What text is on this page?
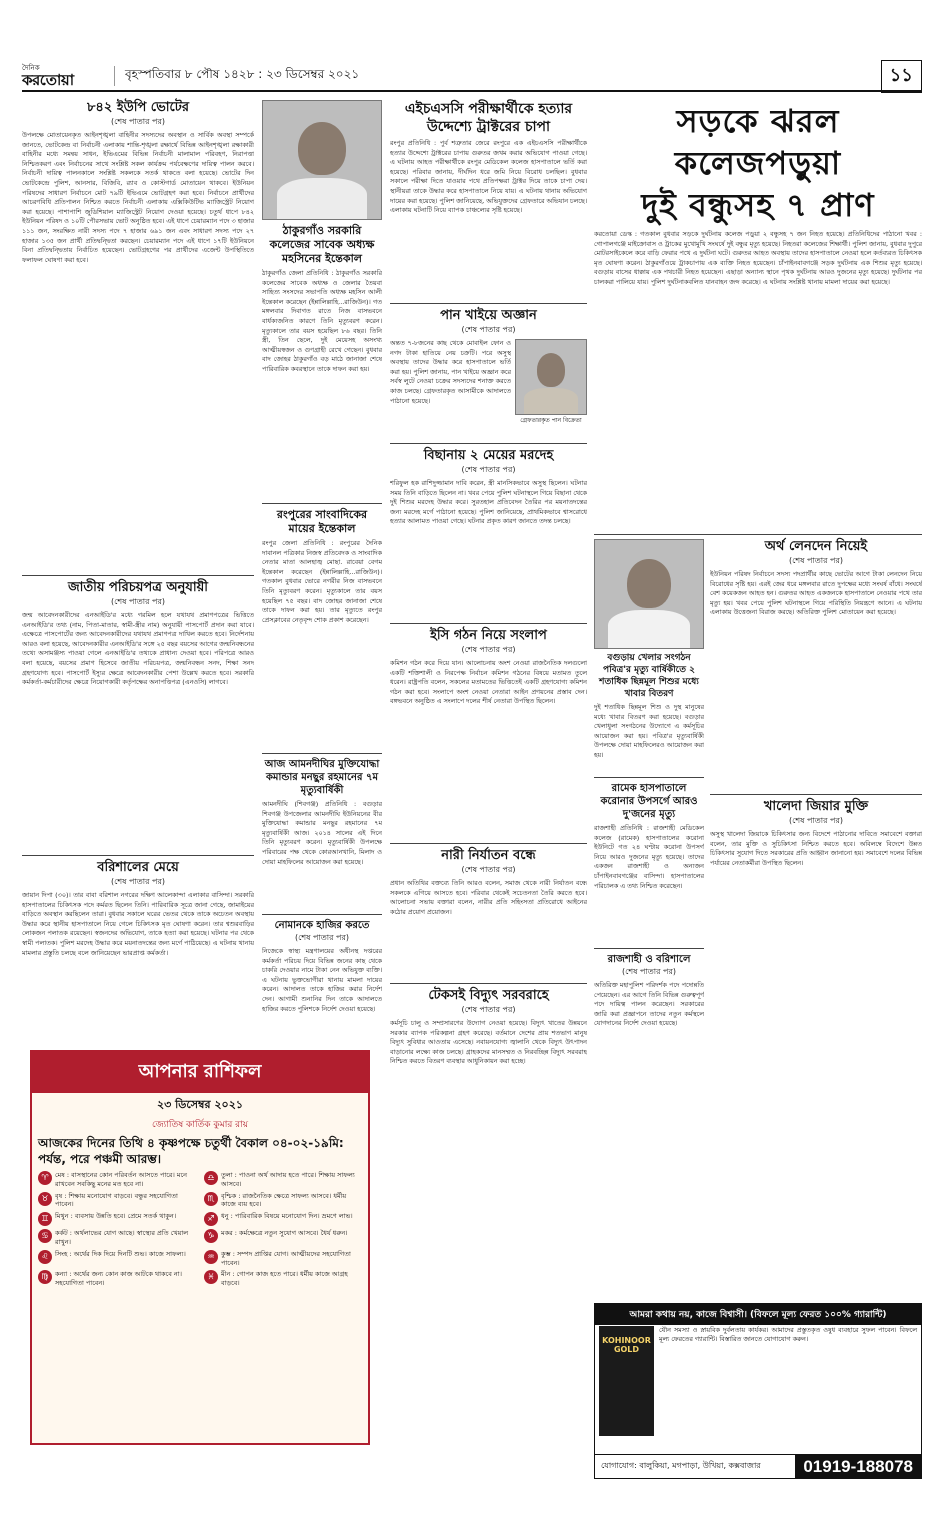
দৈনিক
করতোয়া	বৃহস্পতিবার ৮ পৌষ ১৪২৮ : ২৩ ডিসেম্বর ২০২১	১১
৮৪২ ইউপি ভোটের
(শেষ পাতার পর)
উপলক্ষে মোতায়েনকৃত আইনশৃঙ্খলা বাহিনীর সদস্যদের অবস্থান ও সার্বিক অবস্থা সম্পর্কে জানতে, ভোটকেন্দ্র বা নির্বাচনী এলাকায় শান্তি-শৃঙ্খলা রক্ষার্থে বিভিন্ন আইনশৃঙ্খলা রক্ষাকারী বাহিনীর মধ্যে সমন্বয় সাধন, ইভিএমের বিভিন্ন নির্বাচনী মালামাল পরিবহণ, নিরাপত্তা নিশ্চিতকরণ এবং নির্বাচনের সাথে সংশ্লিষ্ট সকল কার্যক্রম পর্যবেক্ষণের দায়িত্ব পালন করবে। নির্বাচনী দায়িত্ব পালনকালে সংশ্লিষ্ট সকলকে সতর্ক থাকতে বলা হয়েছে। ভোটের দিন ভোটকেন্দ্রে পুলিশ, আনসার, বিজিবি, র‍্যাব ও কোস্টগার্ড মোতায়েন থাকবে। ইউনিয়ন পরিষদের সাধারণ নির্বাচনে মোট ৭৯টি ইভিএমে ভোটগ্রহণ করা হবে। নির্বাচনে প্রার্থীদের আচরণবিধি প্রতিপালন নিশ্চিত করতে নির্বাচনী এলাকায় এক্সিকিউটিভ ম্যাজিস্ট্রেট নিয়োগ করা হয়েছে। পাশাপাশি জুডিশিয়াল ম্যাজিস্ট্রেট নিয়োগ দেওয়া হয়েছে। চতুর্থ ধাপে ৮৪২ ইউনিয়ন পরিষদ ও ১০টি পৌরসভায় ভোট অনুষ্ঠিত হবে। এই ধাপে চেয়ারম্যান পদে ৩ হাজার ১১১ জন, সংরক্ষিত নারী সদস্য পদে ৭ হাজার ৬৯১ জন এবং সাধারণ সদস্য পদে ২৭ হাজার ১৩৫ জন প্রার্থী প্রতিদ্বন্দ্বিতা করছেন। চেয়ারম্যান পদে এই ধাপে ১৭টি ইউনিয়নে বিনা প্রতিদ্বন্দ্বিতায় নির্বাচিত হয়েছেন। ভোটগ্রহণের পর প্রার্থীদের এজেন্ট উপস্থিতিতে ফলাফল ঘোষণা করা হবে।
জাতীয় পরিচয়পত্র অনুযায়ী
(শেষ পাতার পর)
জন্ম আবেদনকারীদের এনআইডি'র মধ্যে গরমিল হলে যথাযথ প্রমাণপত্রের ভিত্তিতে এনআইডি'র তথ্য (নাম, পিতা-মাতার, স্বামী-স্ত্রীর নাম) অনুযায়ী পাসপোর্ট প্রদান করা যাবে। এক্ষেত্রে পাসপোর্টের জন্য আবেদনকারীদের যথাযথ প্রমাণপত্র দাখিল করতে হবে। নির্দেশনায় আরও বলা হয়েছে, আবেদনকারীর এনআইডি'র সঙ্গে ২৫ বছর বয়সের আগের জন্মনিবন্ধনের তথ্যে অসামঞ্জস্য পাওয়া গেলে এনআইডি'র তথ্যকে প্রাধান্য দেওয়া হবে। পরিপত্রে আরও বলা হয়েছে, বয়সের প্রমাণ হিসেবে জাতীয় পরিচয়পত্র, জন্মনিবন্ধন সনদ, শিক্ষা সনদ গ্রহণযোগ্য হবে। পাসপোর্ট ইস্যুর ক্ষেত্রে আবেদনকারীর পেশা উল্লেখ করতে হবে। সরকারি কর্মকর্তা-কর্মচারীদের ক্ষেত্রে নিয়োগকারী কর্তৃপক্ষের অনাপত্তিপত্র (এনওসি) লাগবে।
বরিশালের মেয়ে
(শেষ পাতার পর)
জায়ান দিপা (৩০)। তার বাবা বরিশাল নগরের দক্ষিণ আলেকান্দা এলাকার বাসিন্দা। সরকারি হাসপাতালের চিকিৎসক পদে কর্মরত ছিলেন তিনি। পারিবারিক সূত্রে জানা গেছে, জামাইয়ের বাড়িতে অবস্থান করছিলেন তারা। বুধবার সকালে ঘরের ভেতর থেকে তাকে অচেতন অবস্থায় উদ্ধার করে স্থানীয় হাসপাতালে নিয়ে গেলে চিকিৎসক মৃত ঘোষণা করেন। তার শ্বশুরবাড়ির লোকজন পলাতক রয়েছেন। স্বজনদের অভিযোগ, তাকে হত্যা করা হয়েছে। ঘটনার পর থেকে স্বামী পলাতক। পুলিশ মরদেহ উদ্ধার করে ময়নাতদন্তের জন্য মর্গে পাঠিয়েছে। এ ঘটনায় থানায় মামলার প্রস্তুতি চলছে বলে জানিয়েছেন ভারপ্রাপ্ত কর্মকর্তা।
ঠাকুরগাঁও সরকারি কলেজের সাবেক অধ্যক্ষ মহসিনের ইন্তেকাল
ঠাকুরগাঁও জেলা প্রতিনিধি : ঠাকুরগাঁও সরকারি কলেজের সাবেক অধ্যক্ষ ও জেলার তৈয়বা সাহিত্য সংসদের সভাপতি অধ্যক্ষ মহসিন আলী ইন্তেকাল করেছেন (ইন্নালিল্লাহি...রাজিউন)। গত মঙ্গলবার দিবাগত রাতে নিজ বাসভবনে বার্ধক্যজনিত কারণে তিনি মৃত্যুবরণ করেন। মৃত্যুকালে তার বয়স হয়েছিল ৮৬ বছর। তিনি স্ত্রী, তিন ছেলে, দুই মেয়েসহ অসংখ্য আত্মীয়স্বজন ও গুণগ্রাহী রেখে গেছেন। বুধবার বাদ জোহর ঠাকুরগাঁও বড় মাঠে জানাজা শেষে পারিবারিক কবরস্থানে তাকে দাফন করা হয়।
রংপুরের সাংবাদিকের মায়ের ইন্তেকাল
রংপুর জেলা প্রতিনিধি : রংপুরের দৈনিক দাবানল পত্রিকার নিজস্ব প্রতিবেদক ও সাংবাদিক নেতার মাতা আলহাজ্ব মোছা. রাবেয়া বেগম ইন্তেকাল করেছেন (ইন্নালিল্লাহি...রাজিউন)। গতকাল বুধবার ভোরে নগরীর নিজ বাসভবনে তিনি মৃত্যুবরণ করেন। মৃত্যুকালে তার বয়স হয়েছিল ৭৫ বছর। বাদ জোহর জানাজা শেষে তাকে দাফন করা হয়। তার মৃত্যুতে রংপুর প্রেসক্লাবের নেতৃবৃন্দ শোক প্রকাশ করেছেন।
আজ আমনদীঘির মুক্তিযোদ্ধা কমান্ডার মনছুর রহমানের ৭ম মৃত্যুবার্ষিকী
আমনদীঘি (শিবগঞ্জ) প্রতিনিধি : বগুড়ার শিবগঞ্জ উপজেলার আমনদীঘি ইউনিয়নের বীর মুক্তিযোদ্ধা কমান্ডার মনছুর রহমানের ৭ম মৃত্যুবার্ষিকী আজ। ২০১৪ সালের এই দিনে তিনি মৃত্যুবরণ করেন। মৃত্যুবার্ষিকী উপলক্ষে পরিবারের পক্ষ থেকে কোরআনখানি, মিলাদ ও দোয়া মাহফিলের আয়োজন করা হয়েছে।
নোমানকে হাজির করতে
(শেষ পাতার পর)
নিজেকে স্বাস্থ্য মন্ত্রণালয়ের অধীনস্থ দপ্তরের কর্মকর্তা পরিচয় দিয়ে বিভিন্ন জনের কাছ থেকে চাকরি দেওয়ার নামে টাকা নেন অভিযুক্ত ব্যক্তি। এ ঘটনায় ভুক্তভোগীরা থানায় মামলা দায়ের করেন। আদালত তাকে হাজির করার নির্দেশ দেন। আগামী শুনানির দিন তাকে আদালতে হাজির করতে পুলিশকে নির্দেশ দেওয়া হয়েছে।
এইচএসসি পরীক্ষার্থীকে হত্যার উদ্দেশ্যে ট্রাক্টরের চাপা
রংপুর প্রতিনিধি : পুর্ব শত্রুতার জেরে রংপুরে এক এইচএসসি পরীক্ষার্থীকে হত্যার উদ্দেশ্যে ট্রাক্টরের চাপায় গুরুতর জখম করার অভিযোগ পাওয়া গেছে। এ ঘটনায় আহত পরীক্ষার্থীকে রংপুর মেডিকেল কলেজ হাসপাতালে ভর্তি করা হয়েছে। পরিবার জানায়, দীর্ঘদিন ধরে জমি নিয়ে বিরোধ চলছিল। বুধবার সকালে পরীক্ষা দিতে যাওয়ার পথে প্রতিপক্ষরা ট্রাক্টর দিয়ে তাকে চাপা দেয়। স্থানীয়রা তাকে উদ্ধার করে হাসপাতালে নিয়ে যায়। এ ঘটনায় থানায় অভিযোগ দায়ের করা হয়েছে। পুলিশ জানিয়েছে, অভিযুক্তদের গ্রেফতারে অভিযান চলছে। এলাকায় ঘটনাটি নিয়ে ব্যাপক চাঞ্চল্যের সৃষ্টি হয়েছে।
পান খাইয়ে অজ্ঞান
(শেষ পাতার পর)
অন্তত ৭-৮জনের কাছ থেকে মোবাইল ফোন ও নগদ টাকা হাতিয়ে নেয় চক্রটি। পরে অসুস্থ অবস্থায় তাদের উদ্ধার করে হাসপাতালে ভর্তি করা হয়। পুলিশ জানায়, পান খাইয়ে অজ্ঞান করে সর্বস্ব লুটে নেওয়া চক্রের সদস্যদের শনাক্ত করতে কাজ চলছে। গ্রেফতারকৃত আসামীকে আদালতে পাঠানো হয়েছে।
গ্রেফতারকৃত পান বিক্রেতা
বিছানায় ২ মেয়ের মরদেহ
(শেষ পাতার পর)
শরিফুল হক রাশিদুজ্জামান দাবি করেন, স্ত্রী মানসিকভাবে অসুস্থ ছিলেন। ঘটনার সময় তিনি বাড়িতে ছিলেন না। খবর পেয়ে পুলিশ ঘটনাস্থলে গিয়ে বিছানা থেকে দুই শিশুর মরদেহ উদ্ধার করে। সুরতহাল প্রতিবেদন তৈরির পর ময়নাতদন্তের জন্য মরদেহ মর্গে পাঠানো হয়েছে। পুলিশ জানিয়েছে, প্রাথমিকভাবে শ্বাসরোধে হত্যার আলামত পাওয়া গেছে। ঘটনার প্রকৃত কারণ জানতে তদন্ত চলছে।
ইসি গঠন নিয়ে সংলাপ
(শেষ পাতার পর)
কমিশন গঠন করে দিয়ে যান। আলোচনায় অংশ নেওয়া রাজনৈতিক দলগুলো একটি শক্তিশালী ও নিরপেক্ষ নির্বাচন কমিশন গঠনের বিষয়ে মতামত তুলে ধরেন। রাষ্ট্রপতি বলেন, সকলের মতামতের ভিত্তিতেই একটি গ্রহণযোগ্য কমিশন গঠন করা হবে। সংলাপে অংশ নেওয়া নেতারা আইন প্রণয়নের প্রস্তাব দেন। বঙ্গভবনে অনুষ্ঠিত এ সংলাপে দলের শীর্ষ নেতারা উপস্থিত ছিলেন।
নারী নির্যাতন বন্ধে
(শেষ পাতার পর)
প্রধান অতিথির বক্তব্যে তিনি আরও বলেন, সমাজ থেকে নারী নির্যাতন বন্ধে সকলকে এগিয়ে আসতে হবে। পরিবার থেকেই সচেতনতা তৈরি করতে হবে। আলোচনা সভায় বক্তারা বলেন, নারীর প্রতি সহিংসতা প্রতিরোধে আইনের কঠোর প্রয়োগ প্রয়োজন।
টেকসই বিদ্যুৎ সরবরাহে
(শেষ পাতার পর)
কর্মসূচি চালু ও সম্প্রসারণের উদ্যোগ নেওয়া হয়েছে। বিদ্যুৎ খাতের উন্নয়নে সরকার ব্যাপক পরিকল্পনা গ্রহণ করেছে। বর্তমানে দেশের প্রায় শতভাগ মানুষ বিদ্যুৎ সুবিধার আওতায় এসেছে। নবায়নযোগ্য জ্বালানি থেকে বিদ্যুৎ উৎপাদন বাড়ানোর লক্ষ্যে কাজ চলছে। গ্রাহকদের মানসম্মত ও নিরবচ্ছিন্ন বিদ্যুৎ সরবরাহ নিশ্চিত করতে বিতরণ ব্যবস্থার আধুনিকায়ন করা হচ্ছে।
সড়কে ঝরল কলেজপড়ুয়া
দুই বন্ধুসহ ৭ প্রাণ
করতোয়া ডেস্ক : গতকাল বুধবার সড়কে দুর্ঘটনায় কলেজ পড়ুয়া ২ বন্ধুসহ ৭ জন নিহত হয়েছে। প্রতিনিধিদের পাঠানো খবর : গোপালগঞ্জে মাইক্রোবাস ও ট্রাকের মুখোমুখি সংঘর্ষে দুই বন্ধুর মৃত্যু হয়েছে। নিহতরা কলেজের শিক্ষার্থী। পুলিশ জানায়, বুধবার দুপুরে মোটরসাইকেলে করে বাড়ি ফেরার পথে এ দুর্ঘটনা ঘটে। গুরুতর আহত অবস্থায় তাদের হাসপাতালে নেওয়া হলে কর্তব্যরত চিকিৎসক মৃত ঘোষণা করেন। ঠাকুরগাঁওয়ে ট্রাকচাপায় এক ব্যক্তি নিহত হয়েছেন। চাঁপাইনবাবগঞ্জে সড়ক দুর্ঘটনায় এক শিশুর মৃত্যু হয়েছে। বগুড়ায় বাসের ধাক্কায় এক পথচারী নিহত হয়েছেন। এছাড়া অন্যান্য স্থানে পৃথক দুর্ঘটনায় আরও দুজনের মৃত্যু হয়েছে। দুর্ঘটনার পর চালকরা পালিয়ে যায়। পুলিশ দুর্ঘটনাকবলিত যানবাহন জব্দ করেছে। এ ঘটনায় সংশ্লিষ্ট থানায় মামলা দায়ের করা হয়েছে।
বগুড়ায় খেলার সংগঠন পবিত্র'র মৃত্যু বার্ষিকীতে ২ শতাধিক ছিন্নমূল শিশুর মধ্যে খাবার বিতরণ
দুই শতাধিক ছিন্নমূল শিশু ও দুস্থ মানুষের মধ্যে খাবার বিতরণ করা হয়েছে। বগুড়ার খেলাধুলা সংগঠনের উদ্যোগে এ কর্মসূচির আয়োজন করা হয়। পবিত্র'র মৃত্যুবার্ষিকী উপলক্ষে দোয়া মাহফিলেরও আয়োজন করা হয়।
রামেক হাসপাতালে করোনার উপসর্গে আরও দু'জনের মৃত্যু
রাজশাহী প্রতিনিধি : রাজশাহী মেডিকেল কলেজ (রামেক) হাসপাতালের করোনা ইউনিটে গত ২৪ ঘণ্টায় করোনা উপসর্গ নিয়ে আরও দুজনের মৃত্যু হয়েছে। তাদের একজন রাজশাহী ও অন্যজন চাঁপাইনবাবগঞ্জের বাসিন্দা। হাসপাতালের পরিচালক এ তথ্য নিশ্চিত করেছেন।
রাজশাহী ও বরিশালে
(শেষ পাতার পর)
অতিরিক্ত মহাপুলিশ পরিদর্শক পদে পদোন্নতি পেয়েছেন। এর আগে তিনি বিভিন্ন গুরুত্বপূর্ণ পদে দায়িত্ব পালন করেছেন। সরকারের জারি করা প্রজ্ঞাপনে তাদের নতুন কর্মস্থলে যোগদানের নির্দেশ দেওয়া হয়েছে।
অর্থ লেনদেন নিয়েই
(শেষ পাতার পর)
ইউনিয়ন পরিষদ নির্বাচনে সদস্য পদপ্রার্থীর কাছে ভোটের আগে টাকা লেনদেন নিয়ে বিরোধের সৃষ্টি হয়। এরই জের ধরে মঙ্গলবার রাতে দুপক্ষের মধ্যে সংঘর্ষ বাঁধে। সংঘর্ষে বেশ কয়েকজন আহত হন। গুরুতর আহত একজনকে হাসপাতালে নেওয়ার পথে তার মৃত্যু হয়। খবর পেয়ে পুলিশ ঘটনাস্থলে গিয়ে পরিস্থিতি নিয়ন্ত্রণে আনে। এ ঘটনায় এলাকায় উত্তেজনা বিরাজ করছে। অতিরিক্ত পুলিশ মোতায়েন করা হয়েছে।
খালেদা জিয়ার মুক্তি
(শেষ পাতার পর)
অসুস্থ খালেদা জিয়াকে চিকিৎসার জন্য বিদেশে পাঠানোর দাবিতে সমাবেশে বক্তারা বলেন, তার মুক্তি ও সুচিকিৎসা নিশ্চিত করতে হবে। অবিলম্বে বিদেশে উন্নত চিকিৎসার সুযোগ দিতে সরকারের প্রতি আহ্বান জানানো হয়। সমাবেশে দলের বিভিন্ন পর্যায়ের নেতাকর্মীরা উপস্থিত ছিলেন।
আপনার রাশিফল
২৩ ডিসেম্বর ২০২১
জ্যোতিষ কার্তিক কুমার রায়
আজকের দিনের তিথি ৪ কৃষ্ণপক্ষে চতুর্থী বৈকাল ০৪-০২-১৯মি: পর্যন্ত, পরে পঞ্চমী আরম্ভ।
♈ মেষ : বাসস্থানের কোন পরিবর্তন আসতে পারে। মনে রাখবেন সবকিছু মনের মত হবে না।
♎ তুলা : পাওনা অর্থ আদায় হতে পারে। শিক্ষায় সাফল্য আসবে।
♉ বৃষ : শিক্ষায় মনোযোগ বাড়বে। বন্ধুর সহযোগিতা পাবেন।
♏ বৃশ্চিক : রাজনৈতিক ক্ষেত্রে সাফল্য আসবে। ধর্মীয় কাজে ব্যয় হবে।
♊ মিথুন : ব্যবসায় উন্নতি হবে। প্রেমে সতর্ক থাকুন।	♐ ধনু : পারিবারিক বিষয়ে মনোযোগ দিন। ভ্রমণে লাভ।
♋ কর্কট : অর্থলাভের যোগ আছে। স্বাস্থ্যের প্রতি খেয়াল রাখুন।
♑ মকর : কর্মক্ষেত্রে নতুন সুযোগ আসবে। ধৈর্য ধরুন।
♌ সিংহ : অর্থের দিক দিয়ে দিনটি শুভ। কাজে সাফল্য।	♒ কুম্ভ : সম্পদ প্রাপ্তির যোগ। আত্মীয়দের সহযোগিতা পাবেন।
♍ কন্যা : অর্থের জন্য কোন কাজ আটকে থাকবে না। সহযোগিতা পাবেন।
♓ মীন : গোপন কাজ হতে পারে। ধর্মীয় কাজে আগ্রহ বাড়বে।
আমরা কথায় নয়, কাজে বিশ্বাসী। (বিফলে মূল্য ফেরত ১০০% গ্যারান্টি)
KOHINOOR GOLD
যৌন সমস্যা ও স্নায়বিক দুর্বলতায় কার্যকর। আমাদের প্রস্তুতকৃত ওষুধ ব্যবহারে সুফল পাবেন। বিফলে মূল্য ফেরতের গ্যারান্টি। বিস্তারিত জানতে যোগাযোগ করুন।
যোগাযোগ: বালুকিয়া, মগপাড়া, উখিয়া, কক্সবাজার	01919-188078
